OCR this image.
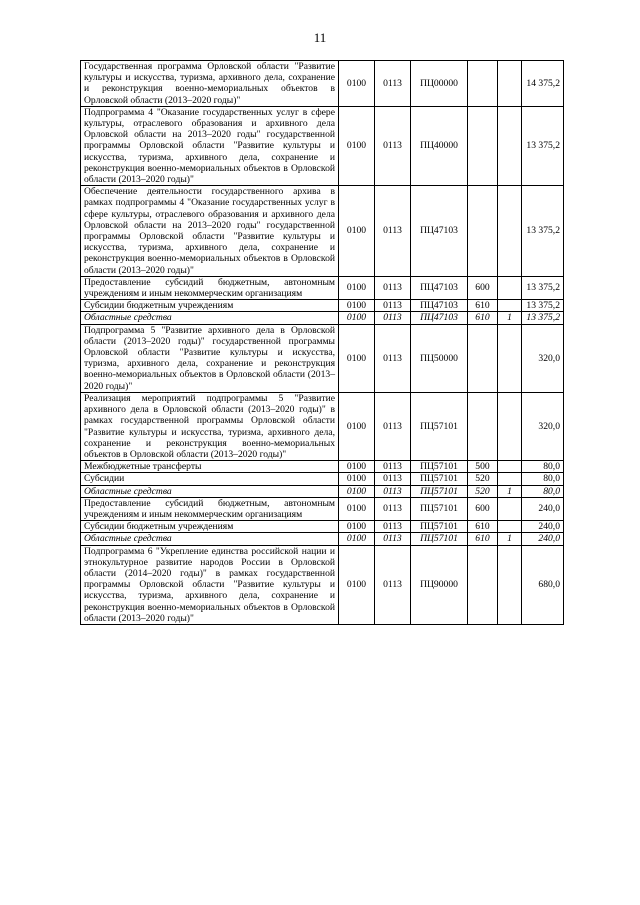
11
Государственная программа Орловской области "Развитие культуры и искусства, туризма, архивного дела, сохранение и реконструкция военно-мемориальных объектов в Орловской области (2013–2020 годы)"	0100	0113	ПЦ00000			14 375,2
Подпрограмма 4 "Оказание государственных услуг в сфере культуры, отраслевого образования и архивного дела Орловской области на 2013–2020 годы" государственной программы Орловской области "Развитие культуры и искусства, туризма, архивного дела, сохранение и реконструкция военно-мемориальных объектов в Орловской области (2013–2020 годы)"	0100	0113	ПЦ40000			13 375,2
Обеспечение деятельности государственного архива в рамках подпрограммы 4 "Оказание государственных услуг в сфере культуры, отраслевого образования и архивного дела Орловской области на 2013–2020 годы" государственной программы Орловской области "Развитие культуры и искусства, туризма, архивного дела, сохранение и реконструкция военно-мемориальных объектов в Орловской области (2013–2020 годы)"	0100	0113	ПЦ47103			13 375,2
Предоставление субсидий бюджетным, автономным учреждениям и иным некоммерческим организациям	0100	0113	ПЦ47103	600		13 375,2
Субсидии бюджетным учреждениям	0100	0113	ПЦ47103	610		13 375,2
Областные средства	0100	0113	ПЦ47103	610	1	13 375,2
Подпрограмма 5 "Развитие архивного дела в Орловской области (2013–2020 годы)" государственной программы Орловской области "Развитие культуры и искусства, туризма, архивного дела, сохранение и реконструкция военно-мемориальных объектов в Орловской области (2013–2020 годы)"	0100	0113	ПЦ50000			320,0
Реализация мероприятий подпрограммы 5 "Развитие архивного дела в Орловской области (2013–2020 годы)" в рамках государственной программы Орловской области "Развитие культуры и искусства, туризма, архивного дела, сохранение и реконструкция военно-мемориальных объектов в Орловской области (2013–2020 годы)"	0100	0113	ПЦ57101			320,0
Межбюджетные трансферты	0100	0113	ПЦ57101	500		80,0
Субсидии	0100	0113	ПЦ57101	520		80,0
Областные средства	0100	0113	ПЦ57101	520	1	80,0
Предоставление субсидий бюджетным, автономным учреждениям и иным некоммерческим организациям	0100	0113	ПЦ57101	600		240,0
Субсидии бюджетным учреждениям	0100	0113	ПЦ57101	610		240,0
Областные средства	0100	0113	ПЦ57101	610	1	240,0
Подпрограмма 6 "Укрепление единства российской нации и этнокультурное развитие народов России в Орловской области (2014–2020 годы)" в рамках государственной программы Орловской области "Развитие культуры и искусства, туризма, архивного дела, сохранение и реконструкция военно-мемориальных объектов в Орловской области (2013–2020 годы)"	0100	0113	ПЦ90000			680,0
